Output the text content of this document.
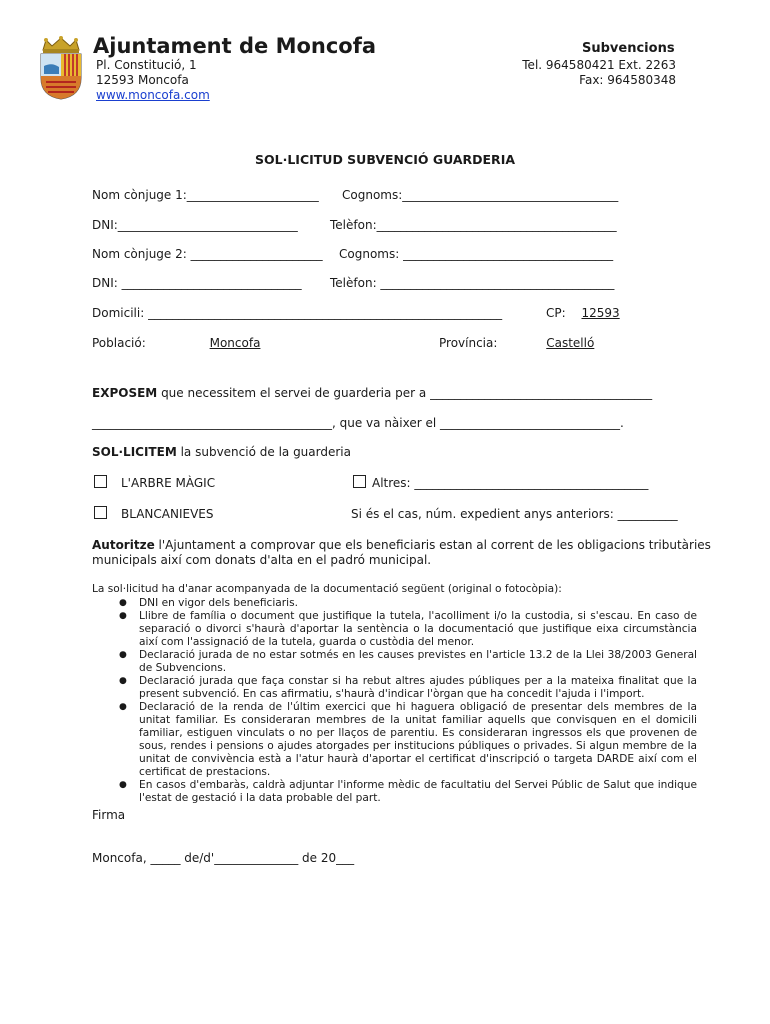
Ajuntament de Moncofa
Pl. Constitució, 1
12593 Moncofa
www.moncofa.com
Subvencions
Tel. 964580421 Ext. 2263
Fax: 964580348
SOL·LICITUD SUBVENCIÓ GUARDERIA
Nom cònjuge 1:______________________ Cognoms:____________________________________
DNI:______________________________	Telèfon:________________________________________
Nom cònjuge 2: ______________________ Cognoms: ___________________________________
DNI: ______________________________ Telèfon: _______________________________________
Domicili: ___________________________________________________________	CP: 12593
Població:	Moncofa	Província:	Castelló
EXPOSEM que necessitem el servei de guarderia per a _____________________________________
________________________________________, que va nàixer el ______________________________.
SOL·LICITEM la subvenció de la guarderia
L'ARBRE MÀGIC	Altres: _______________________________________
BLANCANIEVES	Si és el cas, núm. expedient anys anteriors: __________
Autoritze l'Ajuntament a comprovar que els beneficiaris estan al corrent de les obligacions tributàries
municipals així com donats d'alta en el padró municipal.
La sol·licitud ha d'anar acompanyada de la documentació següent (original o fotocòpia):
● DNI en vigor dels beneficiaris.
● Llibre de família o document que justifique la tutela, l'acolliment i/o la custodia, si s'escau. En caso de separació o divorci s'haurà d'aportar la sentència o la documentació que justifique eixa circumstància així com l'assignació de la tutela, guarda o custòdia del menor.
● Declaració jurada de no estar sotmés en les causes previstes en l'article 13.2 de la Llei 38/2003 General de Subvencions.
● Declaració jurada que faça constar si ha rebut altres ajudes públiques per a la mateixa finalitat que la present subvenció. En cas afirmatiu, s'haurà d'indicar l'òrgan que ha concedit l'ajuda i l'import.
● Declaració de la renda de l'últim exercici que hi haguera obligació de presentar dels membres de la unitat familiar. Es consideraran membres de la unitat familiar aquells que convisquen en el domicili familiar, estiguen vinculats o no per llaços de parentiu. Es consideraran ingressos els que provenen de sous, rendes i pensions o ajudes atorgades per institucions públiques o privades. Si algun membre de la unitat de convivència està a l'atur haurà d'aportar el certificat d'inscripció o targeta DARDE així com el certificat de prestacions.
● En casos d'embaràs, caldrà adjuntar l'informe mèdic de facultatiu del Servei Públic de Salut que indique l'estat de gestació i la data probable del part.
Firma
Moncofa, _____ de/d'______________ de 20___
